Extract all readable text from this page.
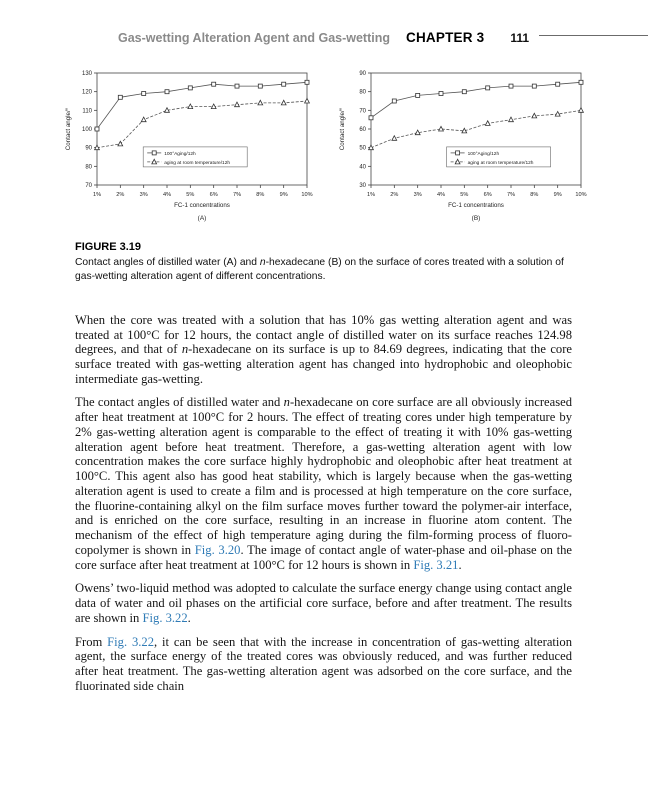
Gas-wetting Alteration Agent and Gas-wetting CHAPTER 3 111
70
80
90
100
110
120
130
1%	2%	3%	4%	5%	6%	7%	8%	9% 10%
100°Aging/12h
aging at room temperature/12h
Contact angle/°
FC-1 concentrations
(A)
30
40
50
60
70
80
90
1%	2%	3%	4%	5%	6%	7%	8%	9% 10%
100°Aging/12h
aging at room temperature/12h
Contact angle/°
FC-1 concentrations
(B)
FIGURE 3.19
Contact angles of distilled water (A) and n-hexadecane (B) on the surface of cores treated with a solution of gas-wetting alteration agent of different concentrations.

When the core was treated with a solution that has 10% gas wetting alteration agent and was treated at 100°C for 12 hours, the contact angle of distilled water on its surface reaches 124.98 degrees, and that of n-hexadecane on its surface is up to 84.69 degrees, indicating that the core surface treated with gas-wetting alteration agent has changed into hydrophobic and oleophobic intermediate gas-wetting.

The contact angles of distilled water and n-hexadecane on core surface are all obviously increased after heat treatment at 100°C for 2 hours. The effect of treating cores under high temperature by 2% gas-wetting alteration agent is comparable to the effect of treating it with 10% gas-wetting alteration agent before heat treatment. Therefore, a gas-wetting alteration agent with low concentration makes the core surface highly hydrophobic and oleophobic after heat treatment at 100°C. This agent also has good heat stability, which is largely because when the gas-wetting alteration agent is used to create a film and is processed at high temperature on the core surface, the fluorine-containing alkyl on the film surface moves further toward the polymer-air interface, and is enriched on the core surface, resulting in an increase in fluorine atom content. The mechanism of the effect of high temperature aging during the film-forming process of fluoro-copolymer is shown in Fig. 3.20. The image of contact angle of water-phase and oil-phase on the core surface after heat treatment at 100°C for 12 hours is shown in Fig. 3.21.

Owens’ two-liquid method was adopted to calculate the surface energy change using contact angle data of water and oil phases on the artificial core surface, before and after treatment. The results are shown in Fig. 3.22.

From Fig. 3.22, it can be seen that with the increase in concentration of gas-wetting alteration agent, the surface energy of the treated cores was obviously reduced, and was further reduced after heat treatment. The gas-wetting alteration agent was adsorbed on the core surface, and the fluorinated side chain
